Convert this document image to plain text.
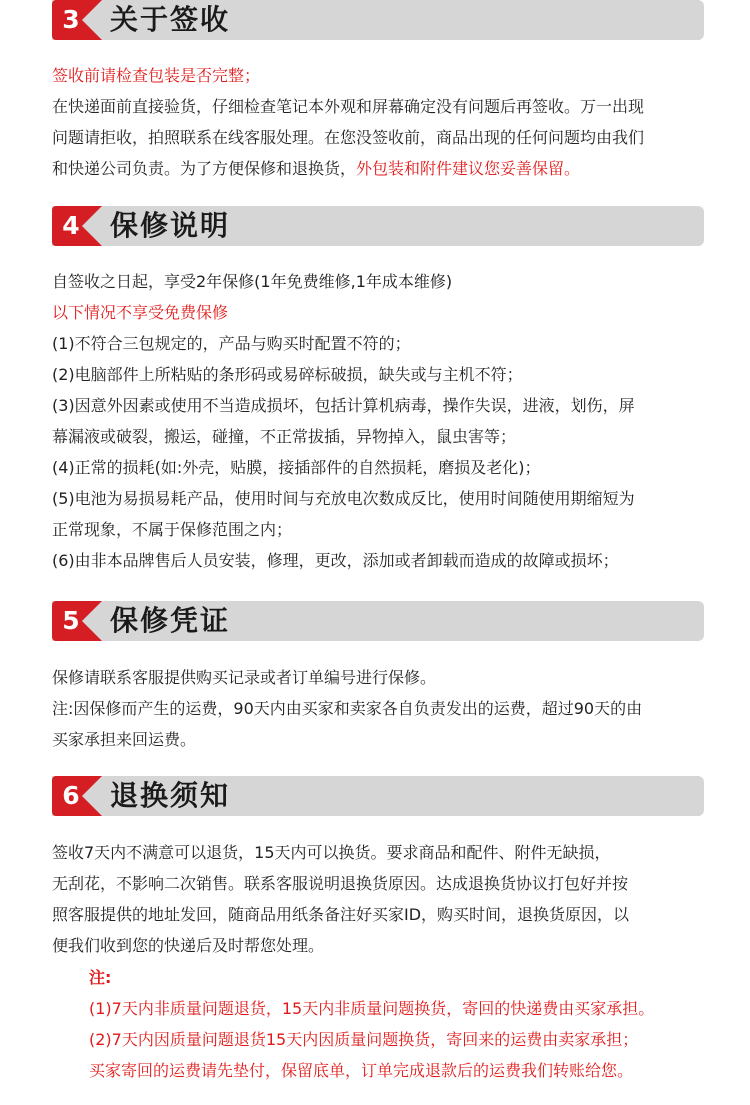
3	关于签收

签收前请检查包装是否完整；

在快递面前直接验货，仔细检查笔记本外观和屏幕确定没有问题后再签收。万一出现

问题请拒收，拍照联系在线客服处理。在您没签收前，商品出现的任何问题均由我们

和快递公司负责。为了方便保修和退换货，外包装和附件建议您妥善保留。

4	保修说明

自签收之日起，享受2年保修(1年免费维修,1年成本维修)

以下情况不享受免费保修

(1)不符合三包规定的，产品与购买时配置不符的；

(2)电脑部件上所粘贴的条形码或易碎标破损，缺失或与主机不符；

(3)因意外因素或使用不当造成损坏，包括计算机病毒，操作失误，进液，划伤，屏

幕漏液或破裂，搬运，碰撞，不正常拔插，异物掉入，鼠虫害等；

(4)正常的损耗(如:外壳，贴膜，接插部件的自然损耗，磨损及老化)；

(5)电池为易损易耗产品，使用时间与充放电次数成反比，使用时间随使用期缩短为

正常现象，不属于保修范围之内；

(6)由非本品牌售后人员安装，修理，更改，添加或者卸载而造成的故障或损坏；

5	保修凭证

保修请联系客服提供购买记录或者订单编号进行保修。

注:因保修而产生的运费，90天内由买家和卖家各自负责发出的运费，超过90天的由

买家承担来回运费。

6	退换须知

签收7天内不满意可以退货，15天内可以换货。要求商品和配件、附件无缺损，

无刮花，不影响二次销售。联系客服说明退换货原因。达成退换货协议打包好并按

照客服提供的地址发回，随商品用纸条备注好买家ID，购买时间，退换货原因，以

便我们收到您的快递后及时帮您处理。

注:

(1)7天内非质量问题退货，15天内非质量问题换货，寄回的快递费由买家承担。

(2)7天内因质量问题退货15天内因质量问题换货，寄回来的运费由卖家承担；

买家寄回的运费请先垫付，保留底单，订单完成退款后的运费我们转账给您。
